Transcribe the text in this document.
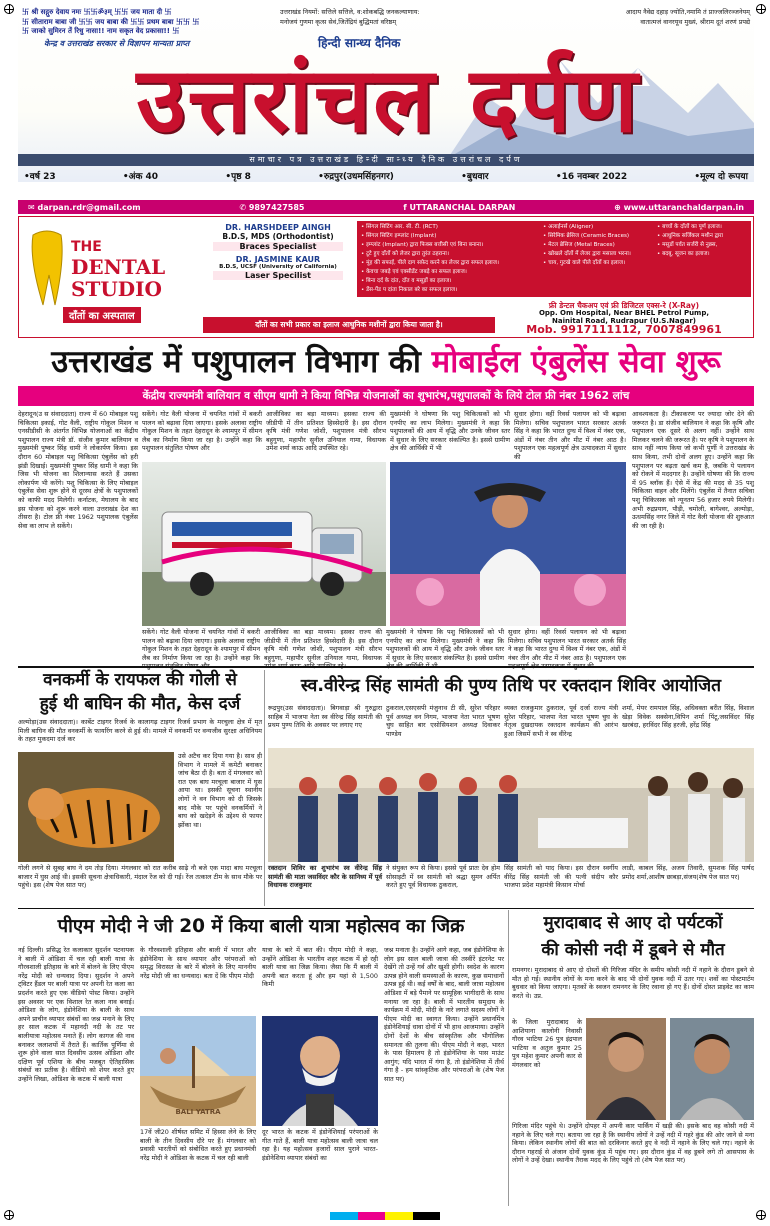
卐 श्री सद्गुरु देवाय नमः 卐卐ॐ३म् 卐卐 जय माता दी 卐
卐 सीताराम बाबा जी 卐卐 जय बाबा की 卐卐 प्रथम बाबा 卐卐 卐
卐 जाको सुमिरन तें रिधु नासा!! नाम सकृत वेद प्रकासा!! 卐
उत्तराखंड नियमों: सत्तिले सत्तिले, व:शोकबद्धि जनकल्याणाय:	आदाय नैवेद्य दहाड़ ज्योति,नमामि तं प्राज्जलिरञ्जनेयम्
मनोजयं गुणमा कृत्स सेवं,जितेंद्रियं बुद्धिमतां वरिष्ठम्	वातात्मजं वानरयूथ मुख्यं, श्रीराम दूतं शरणं प्रपद्ये
केन्द्र व उत्तराखंड सरकार से विज्ञापन मान्यता प्राप्त	हिन्दी सान्ध्य दैनिक
उत्तरांचल दर्पण
समाचार पत्र उत्तराखंड हिन्दी सान्ध्य दैनिक उत्तरांचल दर्पण
•वर्ष 23	•अंक 40	•पृष्ठ 8	•रुद्रपुर(उधमसिंहनगर)	•बुधवार	•16 नवम्बर 2022	•मूल्य दो रूपया
✉ darpan.rdr@gmail.com	✆ 9897427585	f UTTARANCHAL DARPAN	⊕ www.uttaranchaldarpan.in
THE
DENTAL
STUDIO
दाँतों का अस्पताल
DR. HARSHDEEP AINGH
B.D.S, MDS (Orthodontist)
Braces Specialist
DR. JASMINE KAUR
B.D.S, UCSF (University of California)
Laser Specilist
दाँतों का सभी प्रकार का इलाज आधुनिक मशीनों द्वारा किया जाता है।
• सिंगल सिटिंग आर. सी. टी. (RCT)
• सिंगल सिटिंग इम्प्लांट (Implant)
• इम्प्लांट (Implant) द्वारा फिक्स बत्तीसी एवं बिना बनाना।
• टूटे हुए दाँतों को लेजर द्वारा तुरंत ठहराना।
• मूंह की सफाई, पीले दाग सफ़ेद करने का लेजर द्वारा सफल इलाज।
• केवचा जबड़े एवं एक्सीडेंट जबड़े का सफल इलाज।
• बिना दर्द के दांत, दाँत व मसूड़ों का इलाज।
• डेंस-पेंड प दांता निकाल बरे का सफल इलाज।
• अलाईनर्स (Aligner)
• सिरेमिक ब्रेसिज (Ceramic Braces)
• मेटल ब्रेसिज (Metal Braces)
• खोखले दाँतों में लेजर द्वारा मसाला भरना।
• चाय, गुटखे वाले पीले दाँतों का इलाज।
• बच्चों के दाँतों का पूर्ण इलाज।
• आधुनिक सर्जिकल मशीन द्वारा
• मसूडों पर्वत सर्जरी से नुक़्स,
• बदबू, सूजन का इलाज।
फ्री डेन्टल चैकअप एवं फ्री डिजिटल एक्स-रे (X-Ray)
Opp. Om Hospital, Near BHEL Petrol Pump,
Nainital Road, Rudrapur (U.S.Nagar)
Mob. 9917111112, 7007849961
उत्तराखंड में पशुपालन विभाग की मोबाईल एंबुलेंस सेवा शुरू
केंद्रीय राज्यमंत्री बालियान व सीएम धामी ने किया विभिन्न योजनाओं का शुभारंभ,पशुपालकों के लिये टोल फ्री नंबर 1962 लांच
देहरादून(उ स संवाददाता) राज्य में 60 मोबाइल पशु चिकित्सा इकाई, गोट वैली, राष्ट्रीय गोकुल मिशन व एनसीडीसी के अंतर्गत विभिन्न योजनाओं का केंद्रीय पशुपालन राज्य मंत्री डॉ. संजीव कुमार बालियान व मुख्यमंत्री पुष्कर सिंह धामी ने लोकार्पण किया। इस दौरान 60 मोबाइल पशु चिकित्सा एंबुलेंस को हरी झंडी दिखाई। मुख्यमंत्री पुष्कर सिंह धामी ने कहा कि जिस भी योजना का शिलान्यास करते हैं उसका लोकार्पण भी करेंगे। पशु चिकित्सा के लिए मोबाइल एंबुलेंस सेवा शुरू होने से दूरस्थ क्षेत्रों के पशुपालकों को काफी मदद मिलेगी। कर्नाटक, मेघालय के बाद इस योजना को शुरू करने वाला उत्तराखंड देश का तीसरा है। टोल फ्री नंबर 1962 पशुपालक एंबुलेंस सेवा का लाभ ले सकेंगे।
सकेंगे। गोट वैली योजना में चयनित गांवों में बकरी पालन को बढ़ावा दिया जाएगा। इसके अलावा राष्ट्रीय गोकुल मिशन के तहत देहरादून के श्यामपुर में सीमन लैब का निर्माण किया जा रहा है। उन्होंने कहा कि पशुपालन संतुलित पोषण और
आजीविका का बड़ा माध्यम। इसका राज्य की जीडीपी में तीन प्रतिशत हिस्सेदारी है। इस दौरान कृषि मंत्री गणेश जोशी, पशुपालन मंत्री सौरभ बहुगुणा, महापौर सुनील उनियाल गामा, विधायक उमेश शर्मा काऊ आदि उपस्थित रहे।
मुख्यमंत्री ने घोषणा कि पशु चिकित्सकों को भी एनपीए का लाभ मिलेगा। मुख्यमंत्री ने कहा कि पशुपालकों की आय में वृद्धि और उनके जीवन स्तर में सुधार के लिए सरकार संकल्पित है। इससे ग्रामीण क्षेत्र की आर्थिकी में भी
सुधार होगा। वहीं रिवर्स पलायन को भी बढ़ावा मिलेगा। सचिव पशुपालन भारत सरकार अतर्क सिंह ने कहा कि भारत दुग्ध में विश्व में नंबर एक, अंडों में नंबर तीन और मीट में नंबर आठ है। पशुपालन एक महत्वपूर्ण क्षेत्र उत्पादकता में सुधार की
आवश्यकता है। टीकाकरण पर ज्यादा जोर देने की जरूरत है। डा संजीव बालियान ने कहा कि कृषि और पशुपालन एक दूसरे से अलग नहीं। उन्होंने साथ मिलकर चलने की जरूरत है। पर कृषि ने पशुपालन के साथ नहीं न्याय किया जो कभी पूर्णी ने उत्तराखंड के साथ किया, तभी दोनों अलग हुए। उन्होंने कहा कि पशुपालन पर बढ़ता खर्च कम है, जबकि ये पलायन को रोकने में मददगार है। उन्होंने घोषणा की कि राज्य में 95 ब्लॉक हैं। ऐसे में केंद्र की मदद से 35 पशु चिकित्सा वाहन और मिलेंगे। एंबुलेंस में तैनात सचिवा पशु चिकित्सक को न्यूनतम 56 हजार रुपये मिलेगी। अभी रुद्रप्रयाग, पौड़ी, चमोली, बागेश्वर, अल्मोड़ा, ऊधमसिंह नगर जिले में गोट वैली योजना की शुरुआत की जा रही है।
सकेंगे। गोट वैली योजना में चयनित गांवों में बकरी पालन को बढ़ावा दिया जाएगा। इसके अलावा राष्ट्रीय गोकुल मिशन के तहत देहरादून के श्यामपुर में सीमन लैब का निर्माण किया जा रहा है। उन्होंने कहा कि
आजीविका का बड़ा माध्यम। इसका राज्य की जीडीपी में तीन प्रतिशत हिस्सेदारी है। इस दौरान कृषि मंत्री गणेश जोशी, पशुपालन मंत्री सौरभ बहुगुणा, महापौर सुनील उनियाल गामा, विधायक
मुख्यमंत्री ने घोषणा कि पशु चिकित्सकों को भी एनपीए का लाभ मिलेगा। मुख्यमंत्री ने कहा कि पशुपालकों की आय में वृद्धि और उनके जीवन स्तर में सुधार के लिए सरकार संकल्पित है। इससे ग्रामीण
सुधार होगा। वहीं रिवर्स पलायन को भी बढ़ावा मिलेगा। सचिव पशुपालन भारत सरकार अतर्क सिंह ने कहा कि भारत दुग्ध में विश्व में नंबर एक, अंडों में नंबर तीन और मीट में नंबर आठ है। पशुपालन एक
वनकर्मी के रायफल की गोली से
हुई थी बाघिन की मौत, केस दर्ज
अल्मोड़ा(उस संवाददाता)। कार्बेट टाइगर रिजर्व के कालागढ़ टाइगर रिजर्व प्रभाग के मरचुला क्षेत्र में मृत मिली बाघिन की मौत वनकर्मी के फायरिंग करने से हुई थी। मामले में वनकर्मी पर वन्यजीव सुरक्षा अधिनियम के तहत मुकदमा दर्ज कर
उसे अटैच कर दिया गया है। साथ ही विभाग ने मामले में कमेटी बनाकर जांच बैठा दी है। बता दें मंगलवार को रात एक बाघ मरचूला बाजार में घुस आया था। इसकी सूचना स्थानीय लोगों ने वन विभाग को दी जिसके बाद मौके पर पहुंचे वनकर्मियों ने बाघ को खदेड़ने के उद्देश्य से फायर झोंका था।
गोली लगने से सुबह बाघ ने दम तोड़ दिया। मंगलवार को रात करीब साढ़े नौ बजे एक मादा बाघ मरचूला बाजार में घुस आई थी। इसकी सूचना क्षेत्राधिकारी, मंदाल रेंज को दी गई। रेंज तत्काल टीम के साथ मौके पर पहुंचे। इस (शेष पेज सात पर)
स्व.वीरेन्द्र सिंह सामंती की पुण्य तिथि पर रक्तदान शिविर आयोजित
रूद्रपुर(उस संवाददाता)। बिगवाड़ा श्री गुरुद्वारा साहिब में भाजपा नेता स्व वीरेन्द्र सिंह सामंती की प्रथम पुण्य तिथि के अवसर पर लगाए गए
ठुकराल,एसएसपी मंजुनाथ टी सी, सुरेश परिहार पूर्व अध्यक्ष वन निगम, भाजपा नेता भारत भूषण चुघ साहित बार एसोसियशन अध्यक्ष दिवाकर पाण्डेय
व्यक्त राजकुमार ठुकराल, पूर्व दर्जा राज्य मंत्री सुरेश परिहार, भाजपा नेता भारत भूषण चुघ के नेतृत्व दुखदायक रक्तदान कार्यक्रम की आरंभ हुआ जिसमें सभी ने स्व वीरेन्द्र
शर्मा, मेयर रामपाल सिंह, अधिवक्ता बरीत सिंह, विशाल खेड़ा विवेक सक्सेना,विपिन शर्मा पिंटू,जसविंदर सिंह खरबंदा, हरविंदर सिंह हरजी, हरेंद्र सिंह
रक्तदान शिविर का शुभारंभ स्व वीरेन्द्र सिंह सामंती की माता जसविंदर कौर के सानिध्य में पूर्व विधायक राजकुमार
ने संयुक्त रूप से किया। इससे पूर्व प्रातः देव होम सोसाइटी में स्व सामंती को श्रद्धा सुमन अर्पित करते हुए पूर्व विधायक ठुकराल,
सिंह सामंती को याद किया। इस दौरान स्वर्गीय वीरेंद्र सिंह सामंती जी की पत्नी संदीप कौर भाजपा प्रदेश महामंत्री किसान मोर्चा
लाडी, काबल सिंह, अजय तिवारी, सुमशक सिंह पार्षद प्रमोद शर्मा,आशीष छाबड़ा,संजय(शेष पेज सात पर)
पीएम मोदी ने जी 20 में किया बाली यात्रा महोत्सव का जिक्र
नई दिल्ली। प्रसिद्ध रेत कलाकार सुदर्शन पटनायक ने बाली में ओडिशा में चल रही बाली यात्रा के गौरवशाली इतिहास के बारे में बोलने के लिए पीएम नरेंद्र मोदी को धन्यवाद दिया। सुदर्शन ने अपने ट्विटर हैंडल पर बाली यात्रा पर अपनी रेत कला का प्रदर्शन करते हुए एक वीडियो पोस्ट किया। उन्होंने इस अवसर पर एक विशाल रेत कला नाव बनाई। ओडिशा के लोग, इंडोनेशिया के बाली के साथ अपने प्राचीन व्यापार संबंधों का जश्न मनाने के लिए हर साल कटक में महानदी नदी के तट पर बालीयात्रा महोत्सव मनाते हैं। लोग कागज की नाव बनाकर जलाशयों में तैराते हैं। कार्तिक पूर्णिमा से शुरू होने वाला सात दिवसीय उत्सव ओडिशा और दक्षिण पूर्व एशिया के बीच मजबूत ऐतिहासिक संबंधों का प्रतीक है। वीडियो को शेयर करते हुए उन्होंने लिखा, ओडिशा के कटक में बाली यात्रा
के गौरवशाली इतिहास और बाली में भारत और इंडोनेशिया के साथ व्यापार और परंपराओं को समृद्ध विरासत के बारे में बोलने के लिए माननीय नरेंद्र मोदी जी का धन्यवाद। बता दें कि पीएम मोदी
यात्रा के बारे में बात की। पीएम मोदी ने कहा, उन्होंने ओडिशा के भारतीय शहर कटक में हो रही बाली यात्रा का जिक्र किया। जैसा कि मैं बाली में अपनी बात करता हूं और हम यहां से 1,500 किमी
जश्न मनाता है। उन्होंने आगे कहा, जब इंडोनेशिया के लोग इस साल बाली जात्रा की तस्वीरें इंटरनेट पर देखेंगे तो उन्हें गर्व और खुशी होगी। स्वदेश के कारण उत्पन्न होने वाली समस्याओं के कारण, कुछ समाधानों उत्पन्न हुई थी। कई वर्षों के बाद, बाली जात्रा महोत्सव ओडिशा में बड़े पैमाने पर सामूहिक भागीदारी के साथ मनाया जा रहा है। बाली में भारतीय समुदाय के कार्यक्रम में मोदी, मोदी के नारे लगाते सदस्य लोगों ने पीएम मोदी का स्वागत किया। उन्होंने प्रधानमिंत्र इंडोनेशियाई धावा दोनों में भी हाथ आजमाया। उन्होंने दोनों देशों के बीच सांस्कृतिक और भौगोलिक समानता की तुलना की। पीएम मोदी ने कहा, भारत के पास हिमालय है तो इंडोनेशिया के पास माउंट आगुंग; यदि भारत में गंगा है, तो इंडोनेशिया में तीर्थ गंगा है - हम सांस्कृतिक और परंपराओं के (शेष पेज सात पर)
BALI YATRA
17वें जी20 शीर्षस्त समिट में हिस्सा लेने के लिए बाली के तीन दिवसीय दौरे पर हैं। मंगलवार को प्रवासी भारतीयों को संबोधित करते हुए प्रधानमंत्री नरेंद्र मोदी ने ओडिशा के कटक में चल रही बाली
दूर भारत के कटक में इंडोनेशियाई परंपराओं के गीत गाते हैं, बाली यात्रा महोत्सव बाली जात्रा चल रहा है। यह महोत्सव हजारों साल पुराने भारत-इंडोनेशिया व्यापार संबंधों का
मुरादाबाद से आए दो पर्यटकों
की कोसी नदी में डूबने से मौत
रामनगर। मुरादाबाद से आए दो दोस्तों की गिरिजा मंदिर के समीप कोसी नदी में नहाने के दौरान डूबने से मौत हो गई। स्थानीय लोगों के मना करने के बाद भी दोनों युवक नदी में उतर गए। शवों का पोस्टमार्टम बुधवार को किया जाएगा। मृतकों के स्वजन रामनगर के लिए रवाना हो गए हैं। दोनों दोस्त प्राइवेट का काम करते थे। उप्र.
के जिला मुरादाबाद के आशियाना कालोनी निवासी गौरव भाटिया 26 पुत्र इंद्रपाल भाटिया व अतुल कुमार 25 पुत्र महेश कुमार अपनी कार से मंगलवार को
गिरिजा मंदिर पहुंचे थे। उन्होंने दोपहर में अपनी कार पार्किंग में खड़ी की। इसके बाद वह कोसी नदी में नहाने के लिए चले गए। बताया जा रहा है कि स्थानीय लोगों ने उन्हें नदी में गहरे कुंड की ओर जाने से मना किया। लेकिन स्थानीय लोगों की बात को दरकिनार करते हुए वे नदी में नहाने के लिए चले गए। नहाने के दौरान गहराई से अंजान दोनों युवक कुंड में पहुंच गए। इस दौरान कुंड में वह डूबने लगे तो आसपास के लोगों ने उन्हें देखा। स्थानीय तैराक मदद के लिए पहुंचे तो (शेष पेज सात पर)
